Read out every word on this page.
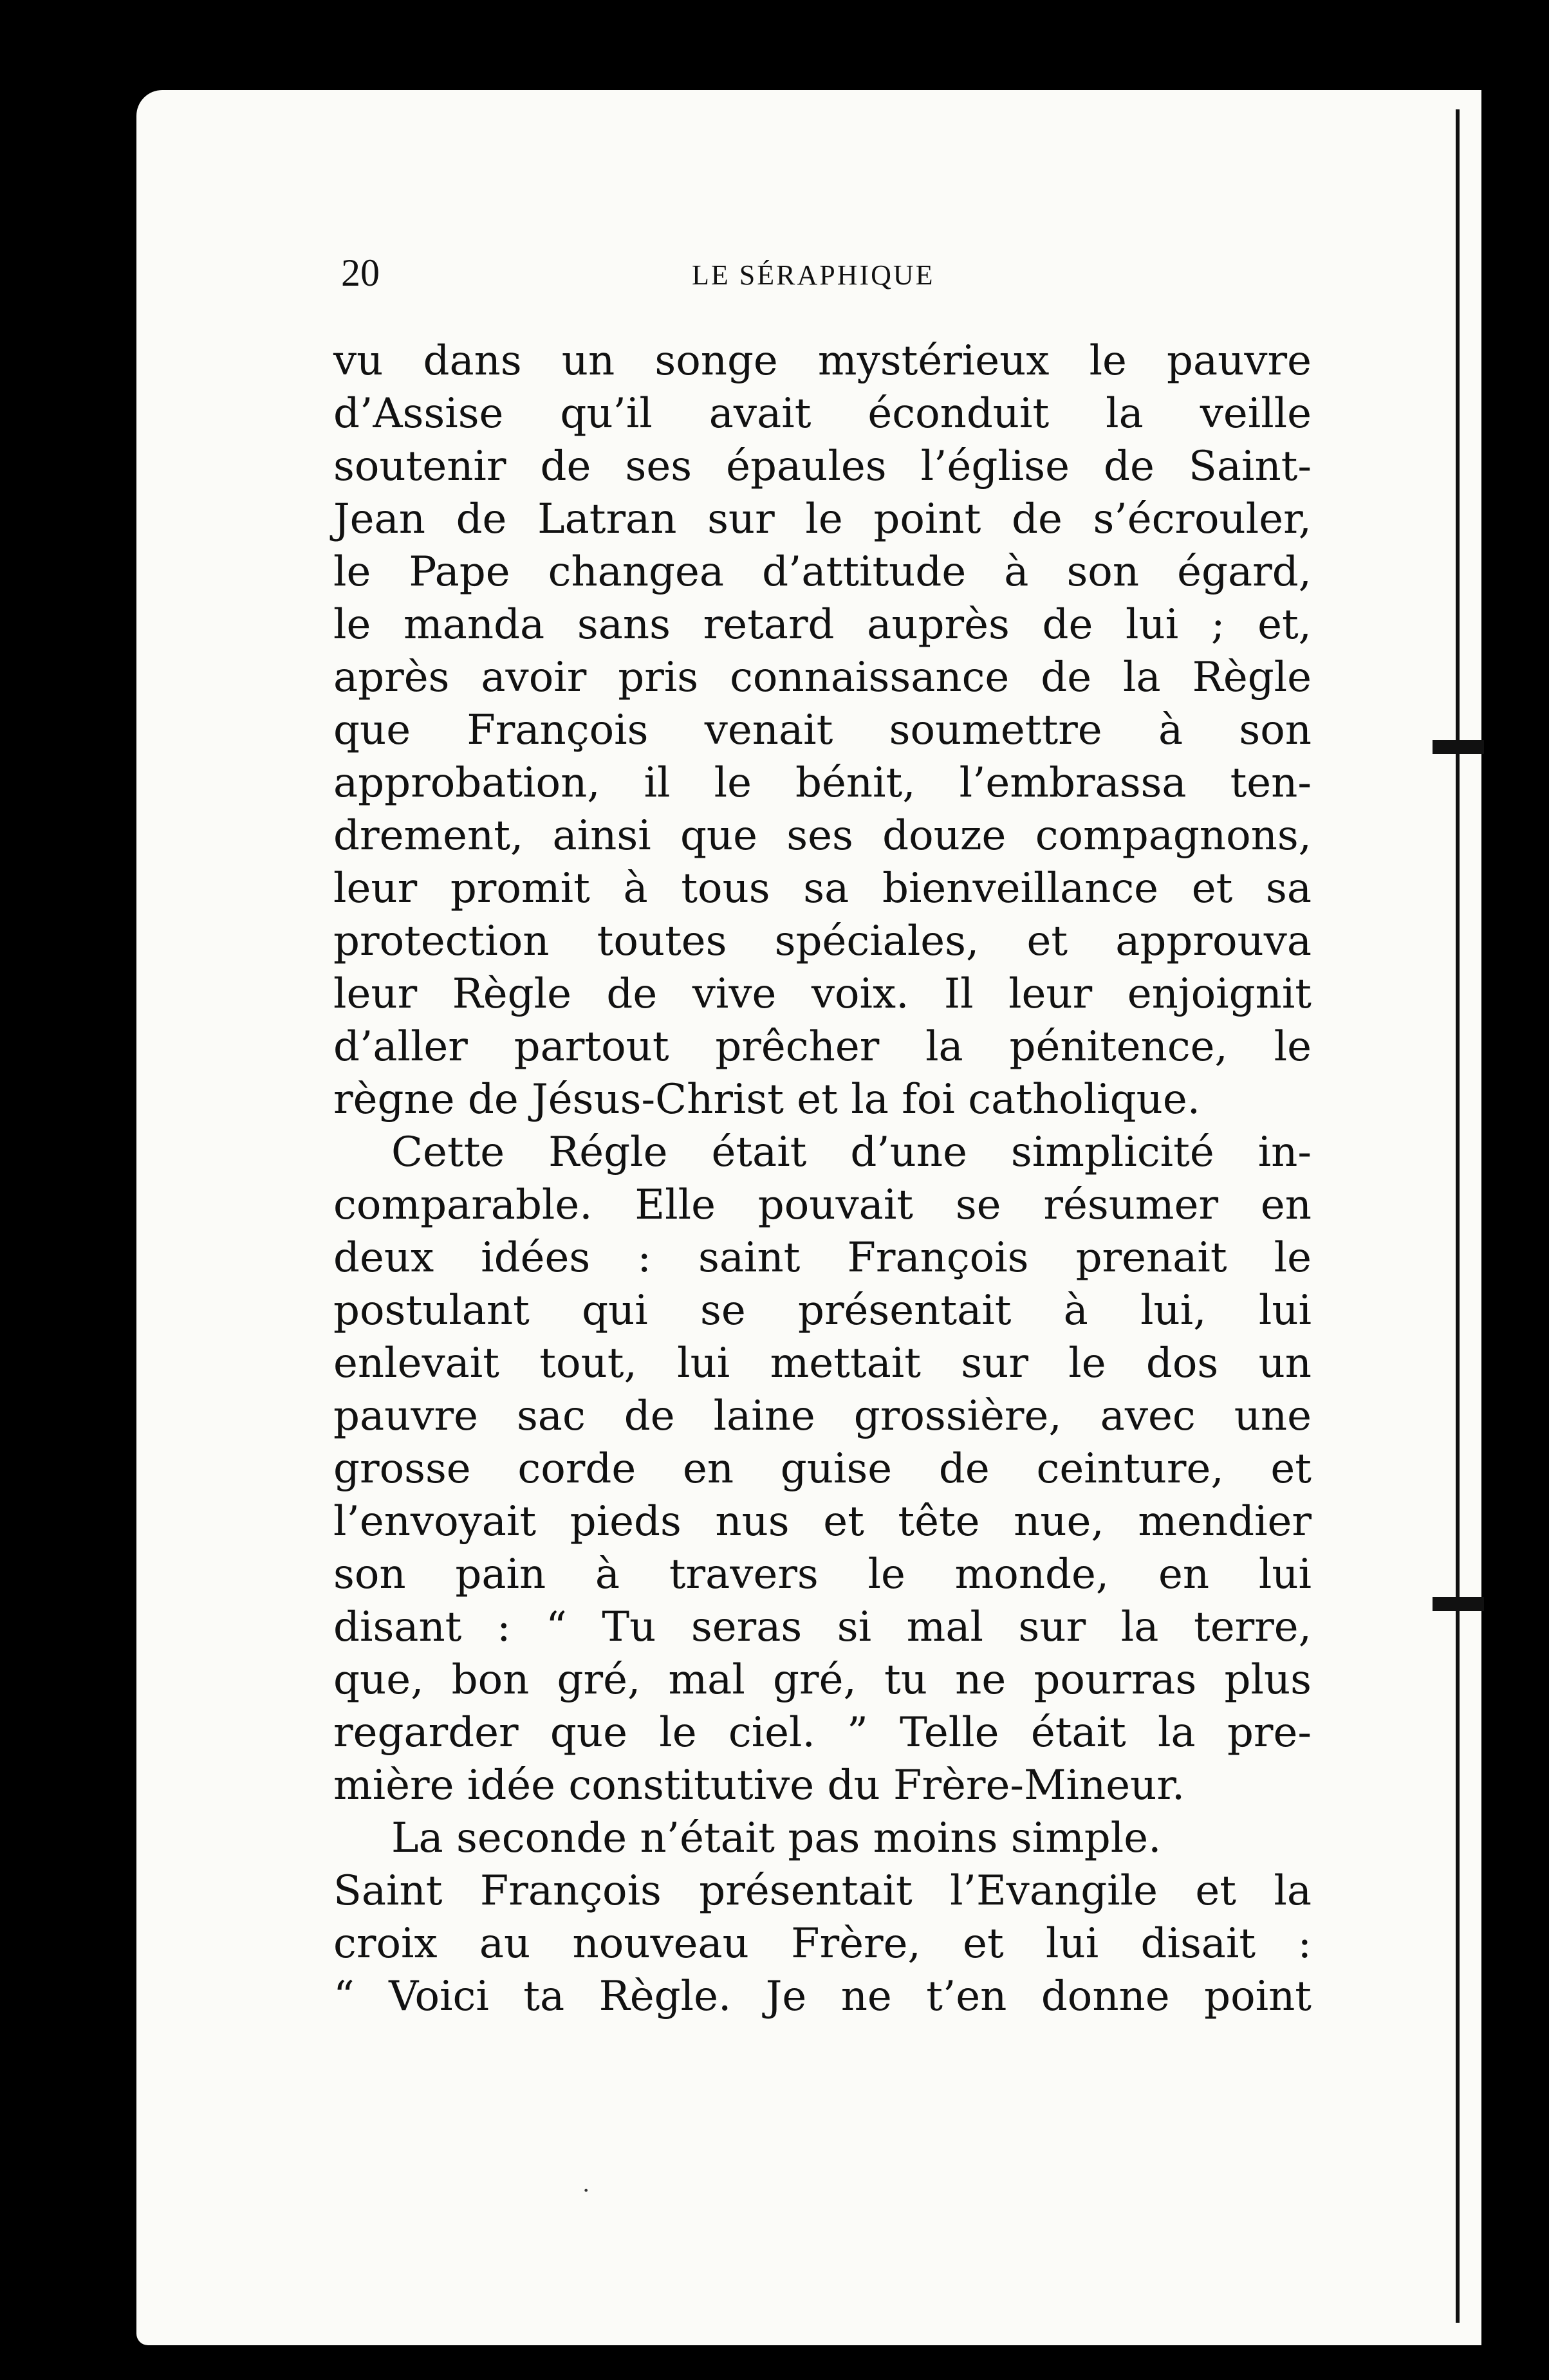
20	LE SÉRAPHIQUE
vu dans un songe mystérieux le pauvre
d’Assise qu’il avait éconduit la veille
soutenir de ses épaules l’église de Saint-
Jean de Latran sur le point de s’écrouler,
le Pape changea d’attitude à son égard,
le manda sans retard auprès de lui ; et,
après avoir pris connaissance de la Règle
que François venait soumettre à son
approbation, il le bénit, l’embrassa ten-
drement, ainsi que ses douze compagnons,
leur promit à tous sa bienveillance et sa
protection toutes spéciales, et approuva
leur Règle de vive voix. Il leur enjoignit
d’aller partout prêcher la pénitence, le
règne de Jésus-Christ et la foi catholique.
Cette Régle était d’une simplicité in-
comparable. Elle pouvait se résumer en
deux idées : saint François prenait le
postulant qui se présentait à lui, lui
enlevait tout, lui mettait sur le dos un
pauvre sac de laine grossière, avec une
grosse corde en guise de ceinture, et
l’envoyait pieds nus et tête nue, mendier
son pain à travers le monde, en lui
disant : “ Tu seras si mal sur la terre,
que, bon gré, mal gré, tu ne pourras plus
regarder que le ciel. ” Telle était la pre-
mière idée constitutive du Frère-Mineur.
La seconde n’était pas moins simple.
Saint François présentait l’Evangile et la
croix au nouveau Frère, et lui disait :
“ Voici ta Règle. Je ne t’en donne point
·
